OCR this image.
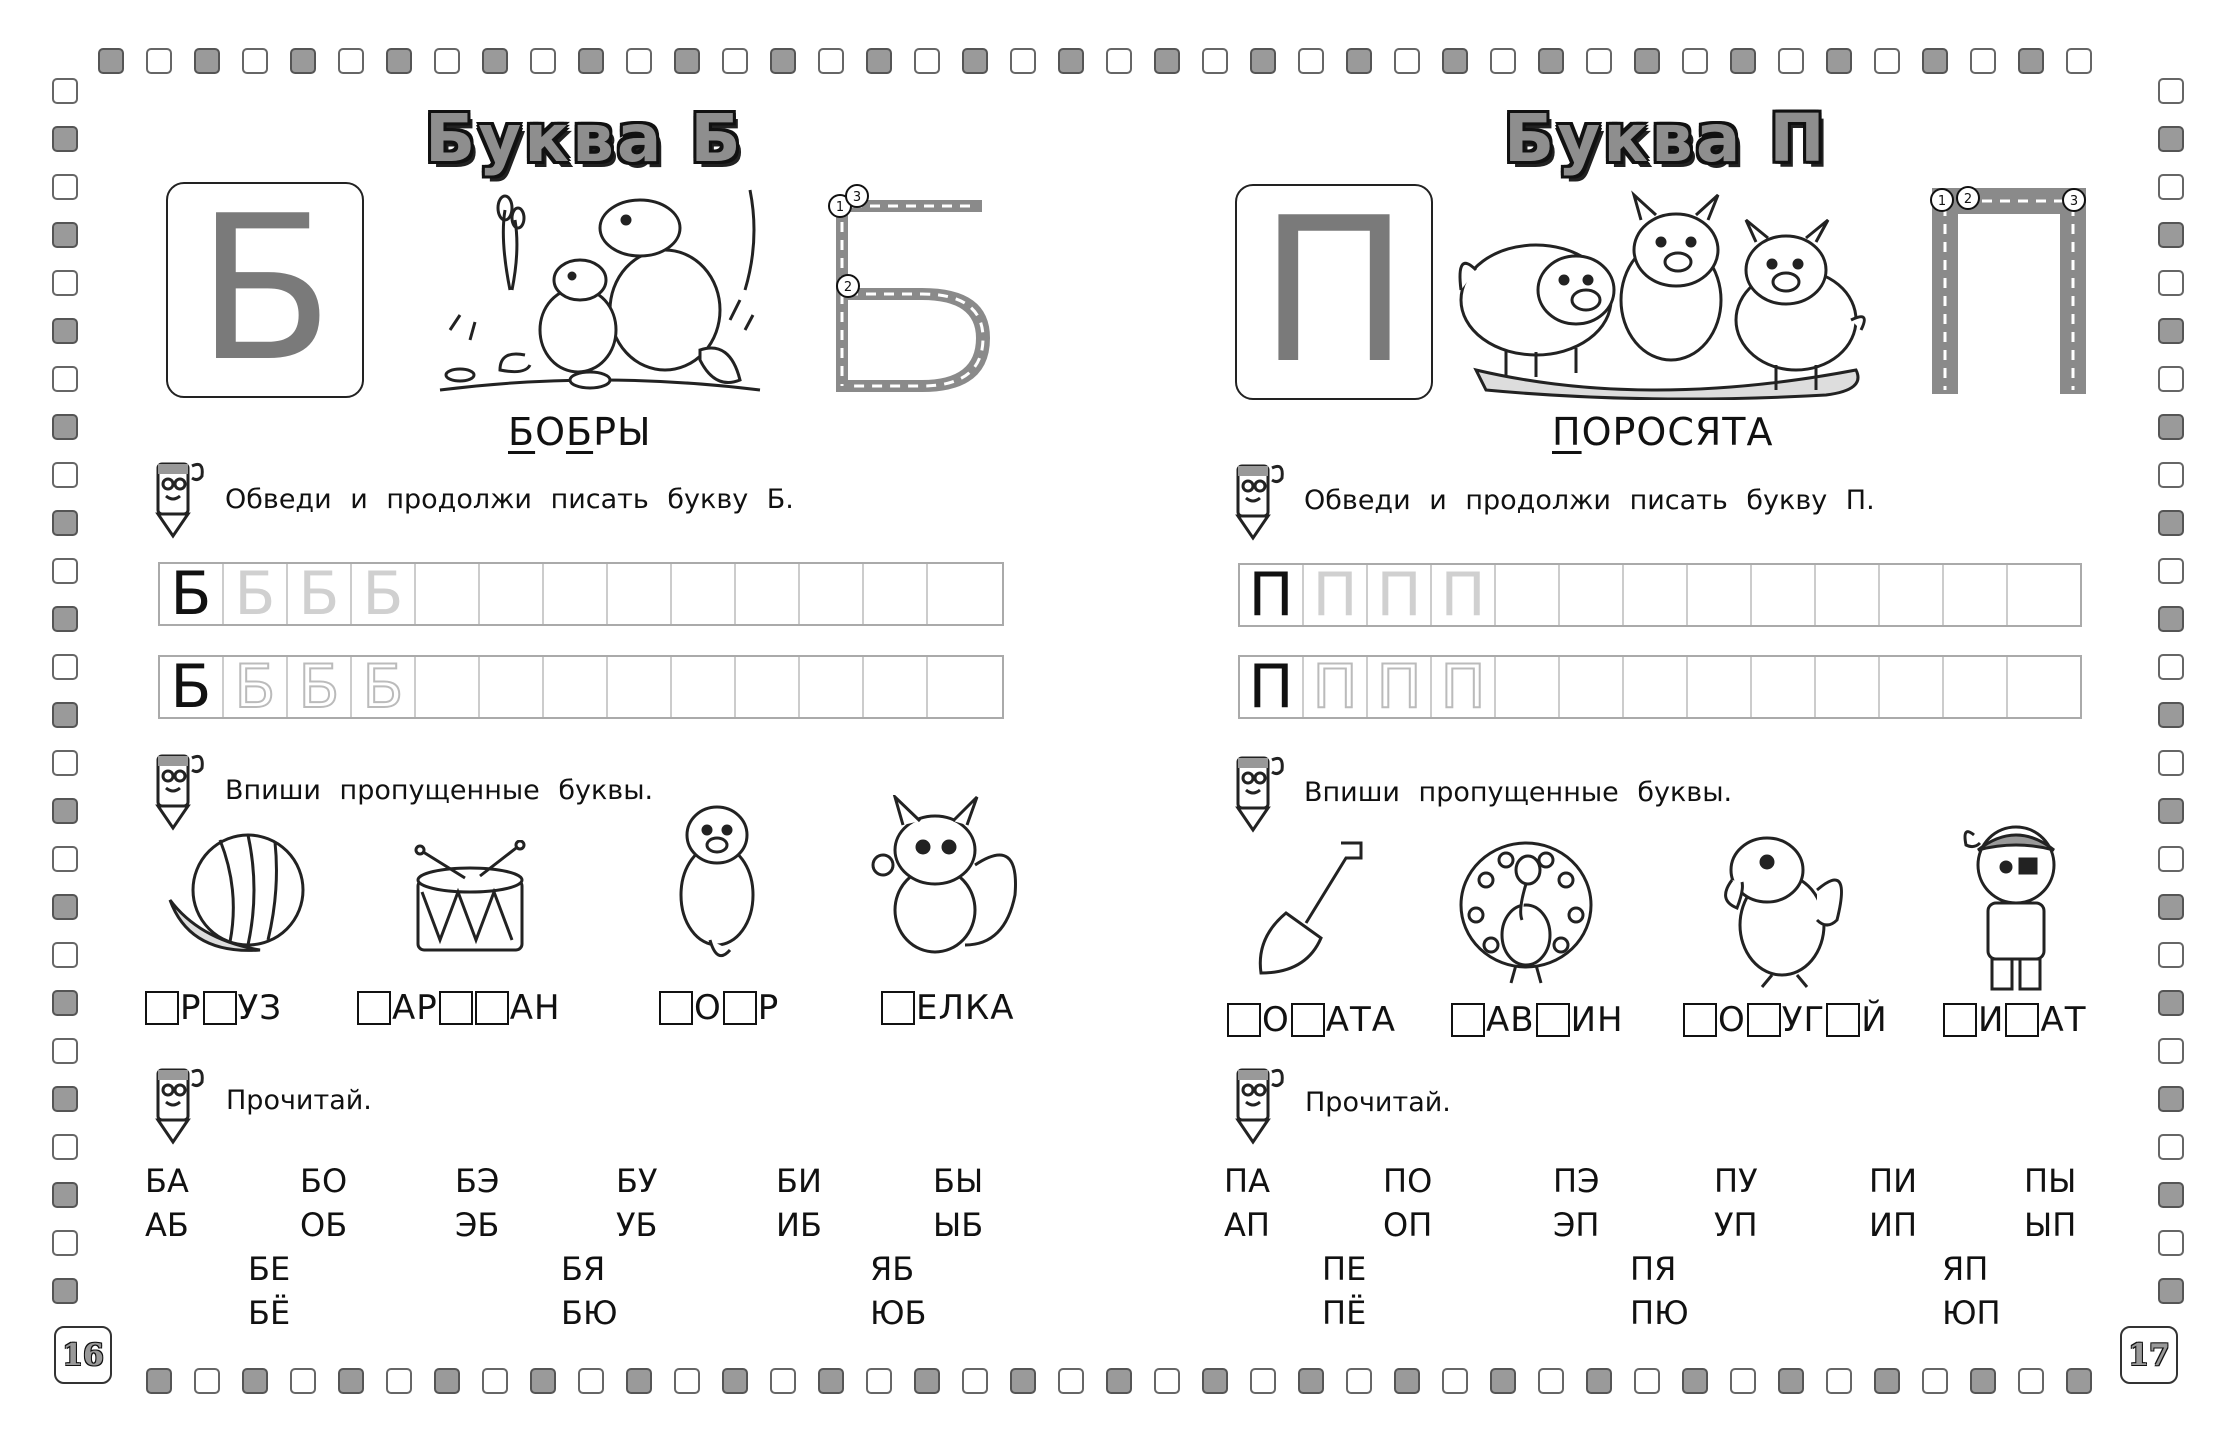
Буква Б
Б	1
3
2
БОБРЫ
Обведи и продолжи писать букву Б.
Б Б Б Б
Б Б Б Б
Впиши пропущенные буквы.
Р УЗ	АР АН	О Р	ЕЛКА
Прочитай.
БА	БО	БЭ	БУ	БИ	БЫ
АБ	ОБ	ЭБ	УБ	ИБ	ЫБ
БЕ	БЯ	ЯБ
БЁ	БЮ	ЮБ
16
Буква П
П	1 2	3
ПОРОСЯТА
Обведи и продолжи писать букву П.
П П П П
П П П П
Впиши пропущенные буквы.
О АТА	АВ ИН	О УГ Й	И АТ
Прочитай.
ПА	ПО	ПЭ	ПУ	ПИ	ПЫ
АП	ОП	ЭП	УП	ИП	ЫП
ПЕ	ПЯ	ЯП
ПЁ	ПЮ	ЮП
17
